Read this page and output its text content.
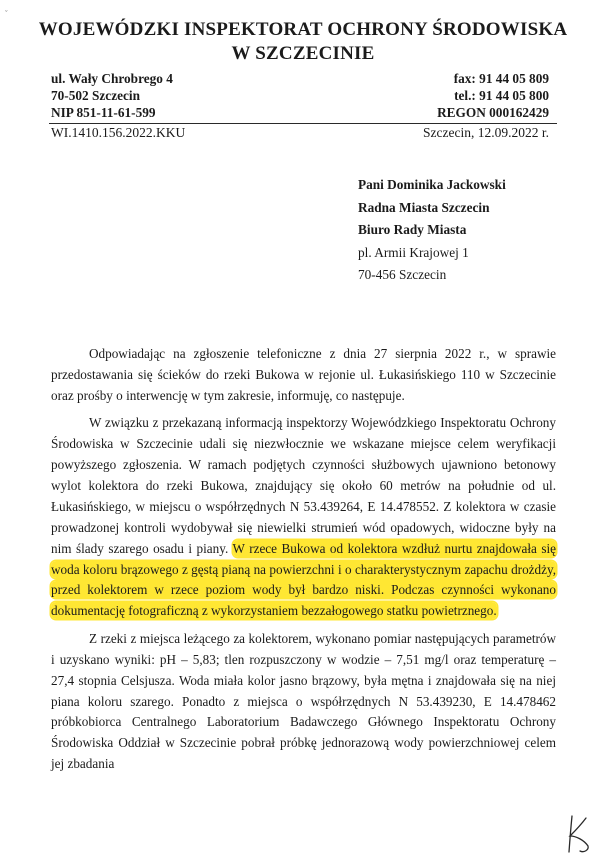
ˇ
WOJEWÓDZKI INSPEKTORAT OCHRONY ŚRODOWISKA
W SZCZECINIE
ul. Wały Chrobrego 4
70-502 Szczecin
NIP 851-11-61-599
fax: 91 44 05 809
tel.: 91 44 05 800
REGON 000162429
WI.1410.156.2022.KKU	Szczecin, 12.09.2022 r.
Pani Dominika Jackowski
Radna Miasta Szczecin
Biuro Rady Miasta
pl. Armii Krajowej 1
70-456 Szczecin

Odpowiadając na zgłoszenie telefoniczne z dnia 27 sierpnia 2022 r., w sprawie przedostawania się ścieków do rzeki Bukowa w rejonie ul. Łukasińskiego 110 w Szczecinie oraz prośby o interwencję w tym zakresie, informuję, co następuje.

W związku z przekazaną informacją inspektorzy Wojewódzkiego Inspektoratu Ochrony Środowiska w Szczecinie udali się niezwłocznie we wskazane miejsce celem weryfikacji powyższego zgłoszenia. W ramach podjętych czynności służbowych ujawniono betonowy wylot kolektora do rzeki Bukowa, znajdujący się około 60 metrów na południe od ul. Łukasińskiego, w miejscu o współrzędnych N 53.439264, E 14.478552. Z kolektora w czasie prowadzonej kontroli wydobywał się niewielki strumień wód opadowych, widoczne były na nim ślady szarego osadu i piany. W rzece Bukowa od kolektora wzdłuż nurtu znajdowała się woda koloru brązowego z gęstą pianą na powierzchni i o charakterystycznym zapachu drożdży, przed kolektorem w rzece poziom wody był bardzo niski. Podczas czynności wykonano dokumentację fotograficzną z wykorzystaniem bezzałogowego statku powietrznego.

Z rzeki z miejsca leżącego za kolektorem, wykonano pomiar następujących parametrów i uzyskano wyniki: pH – 5,83; tlen rozpuszczony w wodzie – 7,51 mg/l oraz temperaturę – 27,4 stopnia Celsjusza. Woda miała kolor jasno brązowy, była mętna i znajdowała się na niej piana koloru szarego. Ponadto z miejsca o współrzędnych N 53.439230, E 14.478462 próbkobiorca Centralnego Laboratorium Badawczego Głównego Inspektoratu Ochrony Środowiska Oddział w Szczecinie pobrał próbkę jednorazową wody powierzchniowej celem jej zbadania
